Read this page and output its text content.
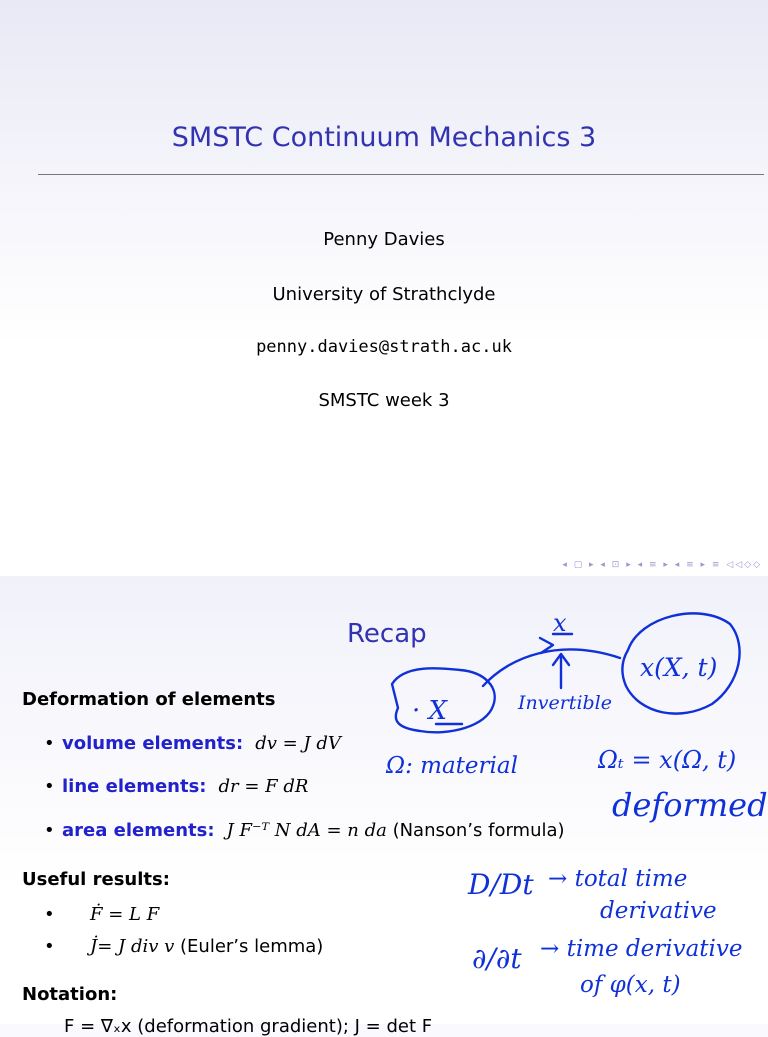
SMSTC Continuum Mechanics 3
Penny Davies
University of Strathclyde
penny.davies@strath.ac.uk
SMSTC week 3
◂ ▢ ▸ ◂ ⊡ ▸ ◂ ≡ ▸ ◂ ≡ ▸ ≡ ◁◁◇◇
Recap
Deformation of elements
• volume elements: dv = J dV
• line elements: dr = F dR
• area elements: J F⁻ᵀ N dA = n da (Nanson’s formula)
Useful results:
• Ḟ = L F
• J̇= J div v (Euler’s lemma)
Notation:
F = ∇ₓx (deformation gradient); J = det F
· X
x
Invertible
x(X, t)
Ω: material	Ωₜ = x(Ω, t)
deformed
D/Dt → total time
derivative
∂/∂t → time derivative
of φ(x, t)
